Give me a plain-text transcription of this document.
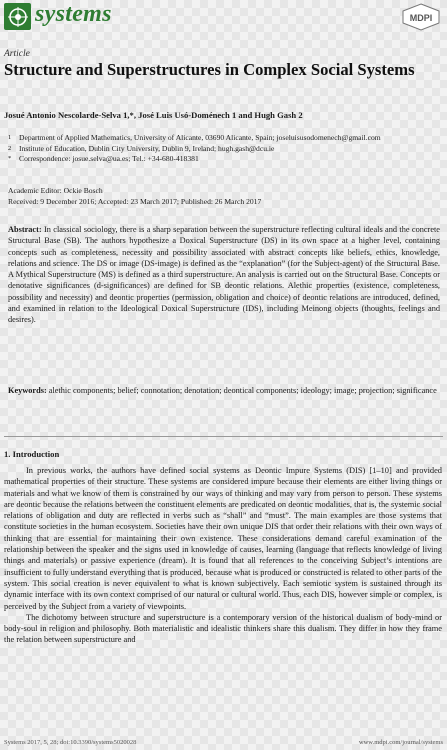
systems	MDPI
Article
Structure and Superstructures in Complex Social Systems
Josué Antonio Nescolarde-Selva 1,*, José Luis Usó-Doménech 1 and Hugh Gash 2
1	Department of Applied Mathematics, University of Alicante, 03690 Alicante, Spain; joseluisusodomenech@gmail.com
2	Institute of Education, Dublin City University, Dublin 9, Ireland; hugh.gash@dcu.ie
*	Correspondence: josue.selva@ua.es; Tel.: +34-680-418381
Academic Editor: Ockie Bosch
Received: 9 December 2016; Accepted: 23 March 2017; Published: 26 March 2017
Abstract: In classical sociology, there is a sharp separation between the superstructure reflecting cultural ideals and the concrete Structural Base (SB). The authors hypothesize a Doxical Superstructure (DS) in its own space at a higher level, containing concepts such as completeness, necessity and possibility associated with abstract concepts like beliefs, ethics, knowledge, relations and science. The DS or image (DS-image) is defined as the “explanation” (for the Subject-agent) of the Structural Base. A Mythical Superstructure (MS) is defined as a third superstructure. An analysis is carried out on the Structural Base. Concepts or denotative significances (d-significances) are defined for SB deontic relations. Alethic properties (existence, completeness, possibility and necessity) and deontic properties (permission, obligation and choice) of deontic relations are introduced, defined, and examined in relation to the Ideological Doxical Superstructure (IDS), including Meinong objects (thoughts, feelings and desires).
Keywords: alethic components; belief; connotation; denotation; deontical components; ideology; image; projection; significance
1. Introduction

In previous works, the authors have defined social systems as Deontic Impure Systems (DIS) [1–10] and provided mathematical properties of their structure. These systems are considered impure because their elements are either living things or materials and what we know of them is constrained by our ways of thinking and may vary from person to person. These systems are deontic because the relations between the constituent elements are predicated on deontic modalities, that is, the systemic social relations of obligation and duty are reflected in verbs such as “shall” and “must”. The main examples are those systems that constitute societies in the human ecosystem. Societies have their own unique DIS that order their relations with their own ways of thinking that are essential for maintaining their own existence. These considerations demand careful examination of the relationship between the speaker and the signs used in knowledge of causes, learning (language that reflects knowledge of living things and materials) or passive experience (dream). It is found that all references to the conceiving Subject’s intentions are insufficient to fully understand everything that is produced, because what is produced or constructed is related to other parts of the system. This social creation is never equivalent to what is known subjectively. Each semiotic system is sustained through its dynamic interface with its own context comprised of our natural or cultural world. Thus, each DIS, however simple or complex, is perceived by the Subject from a variety of viewpoints.

The dichotomy between structure and superstructure is a contemporary version of the historical dualism of body-mind or body-soul in religion and philosophy. Both materialistic and idealistic thinkers share this dualism. They differ in how they frame the relation between superstructure and

Systems 2017, 5, 28; doi:10.3390/systems5020028	www.mdpi.com/journal/systems
